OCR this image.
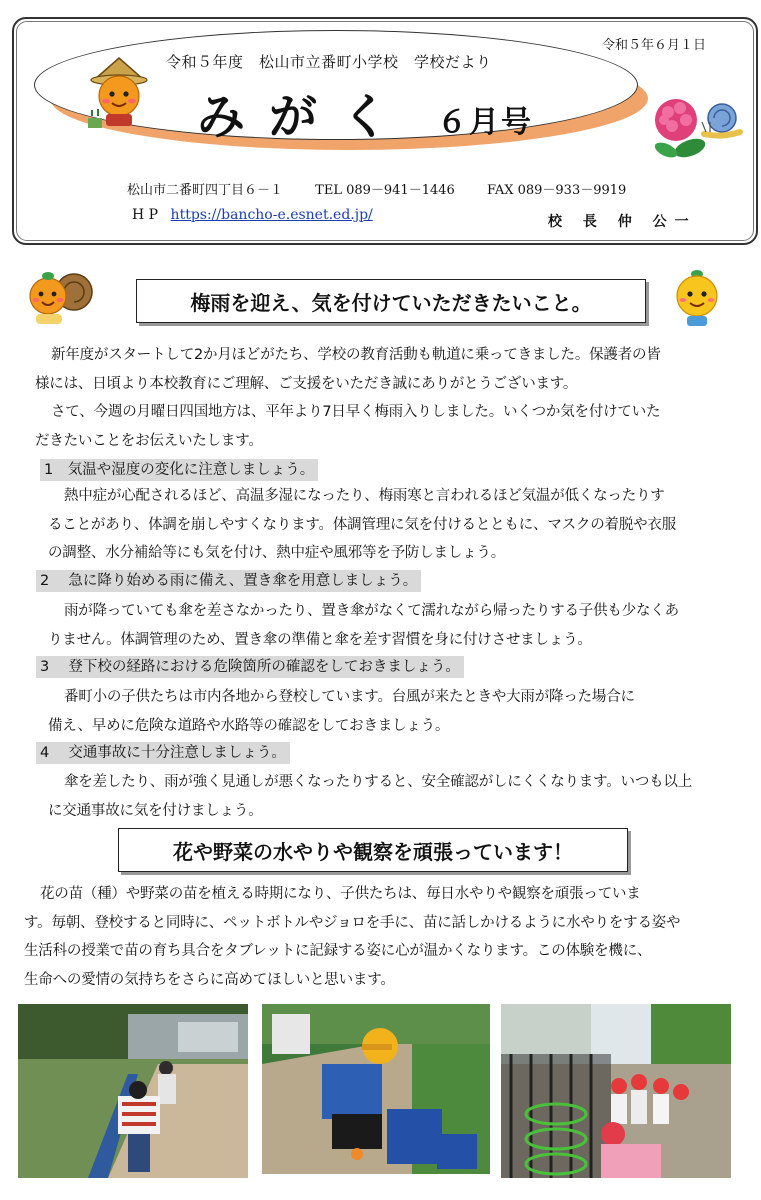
令和５年６月１日
令和５年度　松山市立番町小学校　学校だより
みがく ６月号
松山市二番町四丁目６－１ TEL 089－941－1446 FAX 089－933－9919
H P https://bancho-e.esnet.ed.jp/	校 長 仲 公一
梅雨を迎え、気を付けていただきたいこと。
新年度がスタートして2か月ほどがたち、学校の教育活動も軌道に乗ってきました。保護者の皆
様には、日頃より本校教育にご理解、ご支援をいただき誠にありがとうございます。
さて、今週の月曜日四国地方は、平年より7日早く梅雨入りしました。いくつか気を付けていた
だきたいことをお伝えいたします。
1　気温や湿度の変化に注意しましょう。
熱中症が心配されるほど、高温多湿になったり、梅雨寒と言われるほど気温が低くなったりす
ることがあり、体調を崩しやすくなります。体調管理に気を付けるとともに、マスクの着脱や衣服
の調整、水分補給等にも気を付け、熱中症や風邪等を予防しましょう。
2　 急に降り始める雨に備え、置き傘を用意しましょう。
雨が降っていても傘を差さなかったり、置き傘がなくて濡れながら帰ったりする子供も少なくあ
りません。体調管理のため、置き傘の準備と傘を差す習慣を身に付けさせましょう。
3　 登下校の経路における危険箇所の確認をしておきましょう。
番町小の子供たちは市内各地から登校しています。台風が来たときや大雨が降った場合に
備え、早めに危険な道路や水路等の確認をしておきましょう。
4　 交通事故に十分注意しましょう。
傘を差したり、雨が強く見通しが悪くなったりすると、安全確認がしにくくなります。いつも以上
に交通事故に気を付けましょう。
花や野菜の水やりや観察を頑張っています！
花の苗（種）や野菜の苗を植える時期になり、子供たちは、毎日水やりや観察を頑張っていま
す。毎朝、登校すると同時に、ペットボトルやジョロを手に、苗に話しかけるように水やりをする姿や
生活科の授業で苗の育ち具合をタブレットに記録する姿に心が温かくなります。この体験を機に、
生命への愛情の気持ちをさらに高めてほしいと思います。
